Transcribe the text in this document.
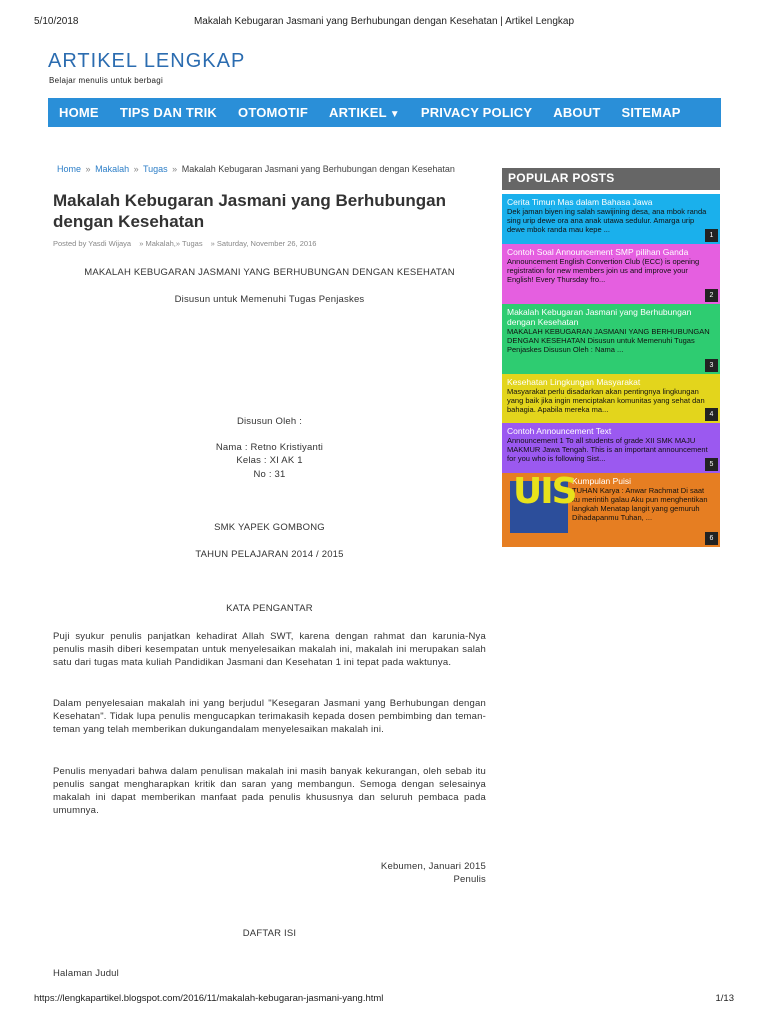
5/10/2018	Makalah Kebugaran Jasmani yang Berhubungan dengan Kesehatan | Artikel Lengkap
ARTIKEL LENGKAP
Belajar menulis untuk berbagi
HOME TIPS DAN TRIK OTOMOTIF ARTIKEL ▼ PRIVACY POLICY ABOUT SITEMAP
Home » Makalah » Tugas » Makalah Kebugaran Jasmani yang Berhubungan dengan Kesehatan
Makalah Kebugaran Jasmani yang Berhubungan dengan Kesehatan
Posted by Yasdi Wijaya » Makalah,» Tugas » Saturday, November 26, 2016
MAKALAH KEBUGARAN JASMANI YANG BERHUBUNGAN DENGAN KESEHATAN
Disusun untuk Memenuhi Tugas Penjaskes
Disusun Oleh :
Nama : Retno Kristiyanti
Kelas : XI AK 1
No : 31
SMK YAPEK GOMBONG
TAHUN PELAJARAN 2014 / 2015
KATA PENGANTAR
Puji syukur penulis panjatkan kehadirat Allah SWT, karena dengan rahmat dan karunia-Nya penulis masih diberi kesempatan untuk menyelesaikan makalah ini, makalah ini merupakan salah satu dari tugas mata kuliah Pandidikan Jasmani dan Kesehatan 1 ini tepat pada waktunya.
Dalam penyelesaian makalah ini yang berjudul "Kesegaran Jasmani yang Berhubungan dengan Kesehatan". Tidak lupa penulis mengucapkan terimakasih kepada dosen pembimbing dan teman-teman yang telah memberikan dukungandalam menyelesaikan makalah ini.
Penulis menyadari bahwa dalam penulisan makalah ini masih banyak kekurangan, oleh sebab itu penulis sangat mengharapkan kritik dan saran yang membangun. Semoga dengan selesainya makalah ini dapat memberikan manfaat pada penulis khususnya dan seluruh pembaca pada umumnya.
Kebumen, Januari 2015
Penulis
DAFTAR ISI
Halaman Judul
POPULAR POSTS
Cerita Timun Mas dalam Bahasa Jawa
Dek jaman biyen ing salah sawijining desa, ana mbok randa sing urip dewe ora ana anak utawa sedulur. Amarga urip dewe mbok randa mau kepe ...
1
Contoh Soal Announcement SMP pilihan Ganda
Announcement English Convertion Club (ECC) is opening registration for new members join us and improve your English! Every Thursday fro...
2
Makalah Kebugaran Jasmani yang Berhubungan dengan Kesehatan
MAKALAH KEBUGARAN JASMANI YANG BERHUBUNGAN DENGAN KESEHATAN Disusun untuk Memenuhi Tugas Penjaskes Disusun Oleh : Nama ...
3
Kesehatan Lingkungan Masyarakat
Masyarakat perlu disadarkan akan pentingnya lingkungan yang baik jika ingin menciptakan komunitas yang sehat dan bahagia. Apabila mereka ma...
4
Contoh Announcement Text
Announcement 1 To all students of grade XII SMK MAJU MAKMUR Jawa Tengah. This is an important announcement for you who is following Sist...
5
UIS
Kumpulan Puisi
TUHAN Karya : Anwar Rachmat Di saat ku merintih galau Aku pun menghentikan langkah Menatap langit yang gemuruh Dihadapanmu Tuhan, ...
6
https://lengkapartikel.blogspot.com/2016/11/makalah-kebugaran-jasmani-yang.html	1/13
